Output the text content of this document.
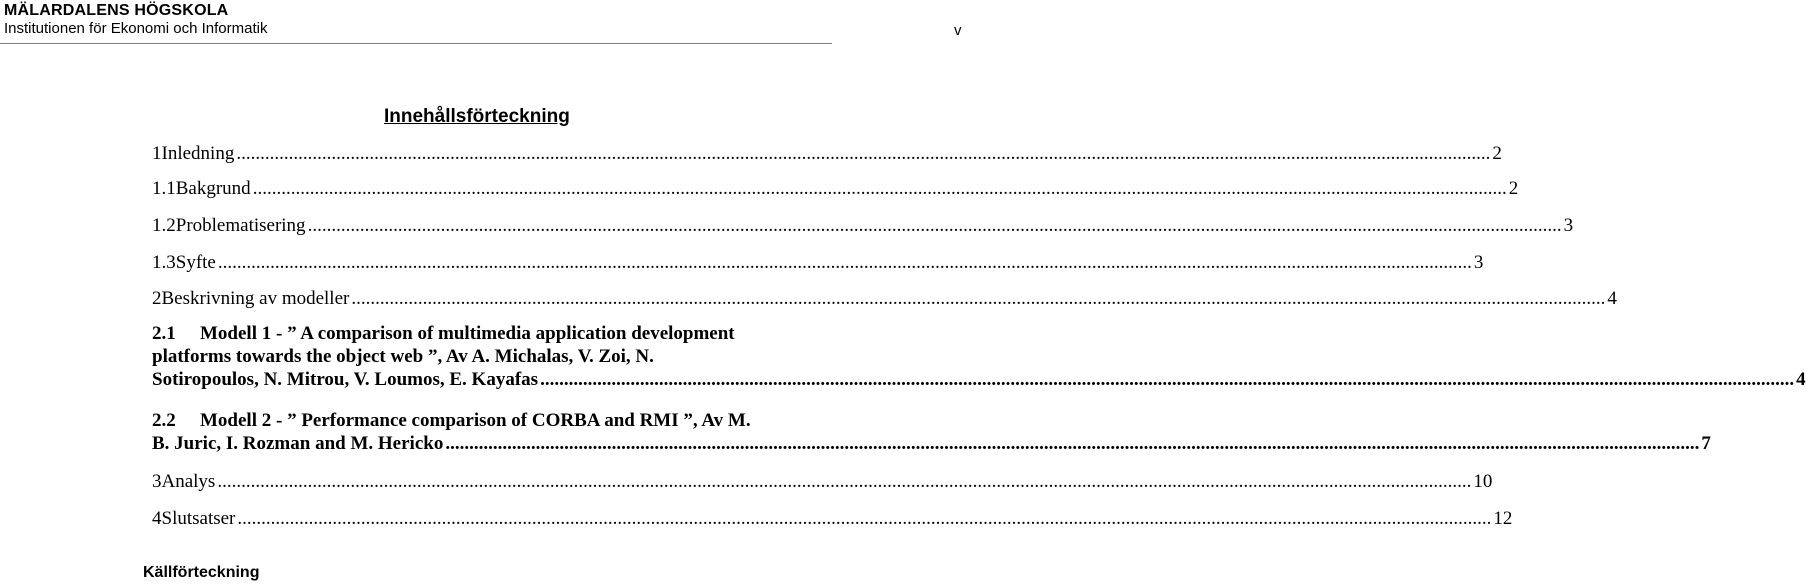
MÄLARDALENS HÖGSKOLA
Institutionen för Ekonomi och Informatik	v
Innehållsförteckning
1 Inledning .....	2
1.1 Bakgrund .....	2
1.2 Problematisering .....	3
1.3 Syfte .....	3
2 Beskrivning av modeller .....	4
2.1 Modell 1 - ” A comparison of multimedia application development
platforms towards the object web ”, Av A. Michalas, V. Zoi, N.
Sotiropoulos, N. Mitrou, V. Loumos, E. Kayafas .....	4
2.2 Modell 2 - ” Performance comparison of CORBA and RMI ”, Av M.
B. Juric, I. Rozman and M. Hericko .....	7
3 Analys .....	10
4 Slutsatser .....	12
Källförteckning
